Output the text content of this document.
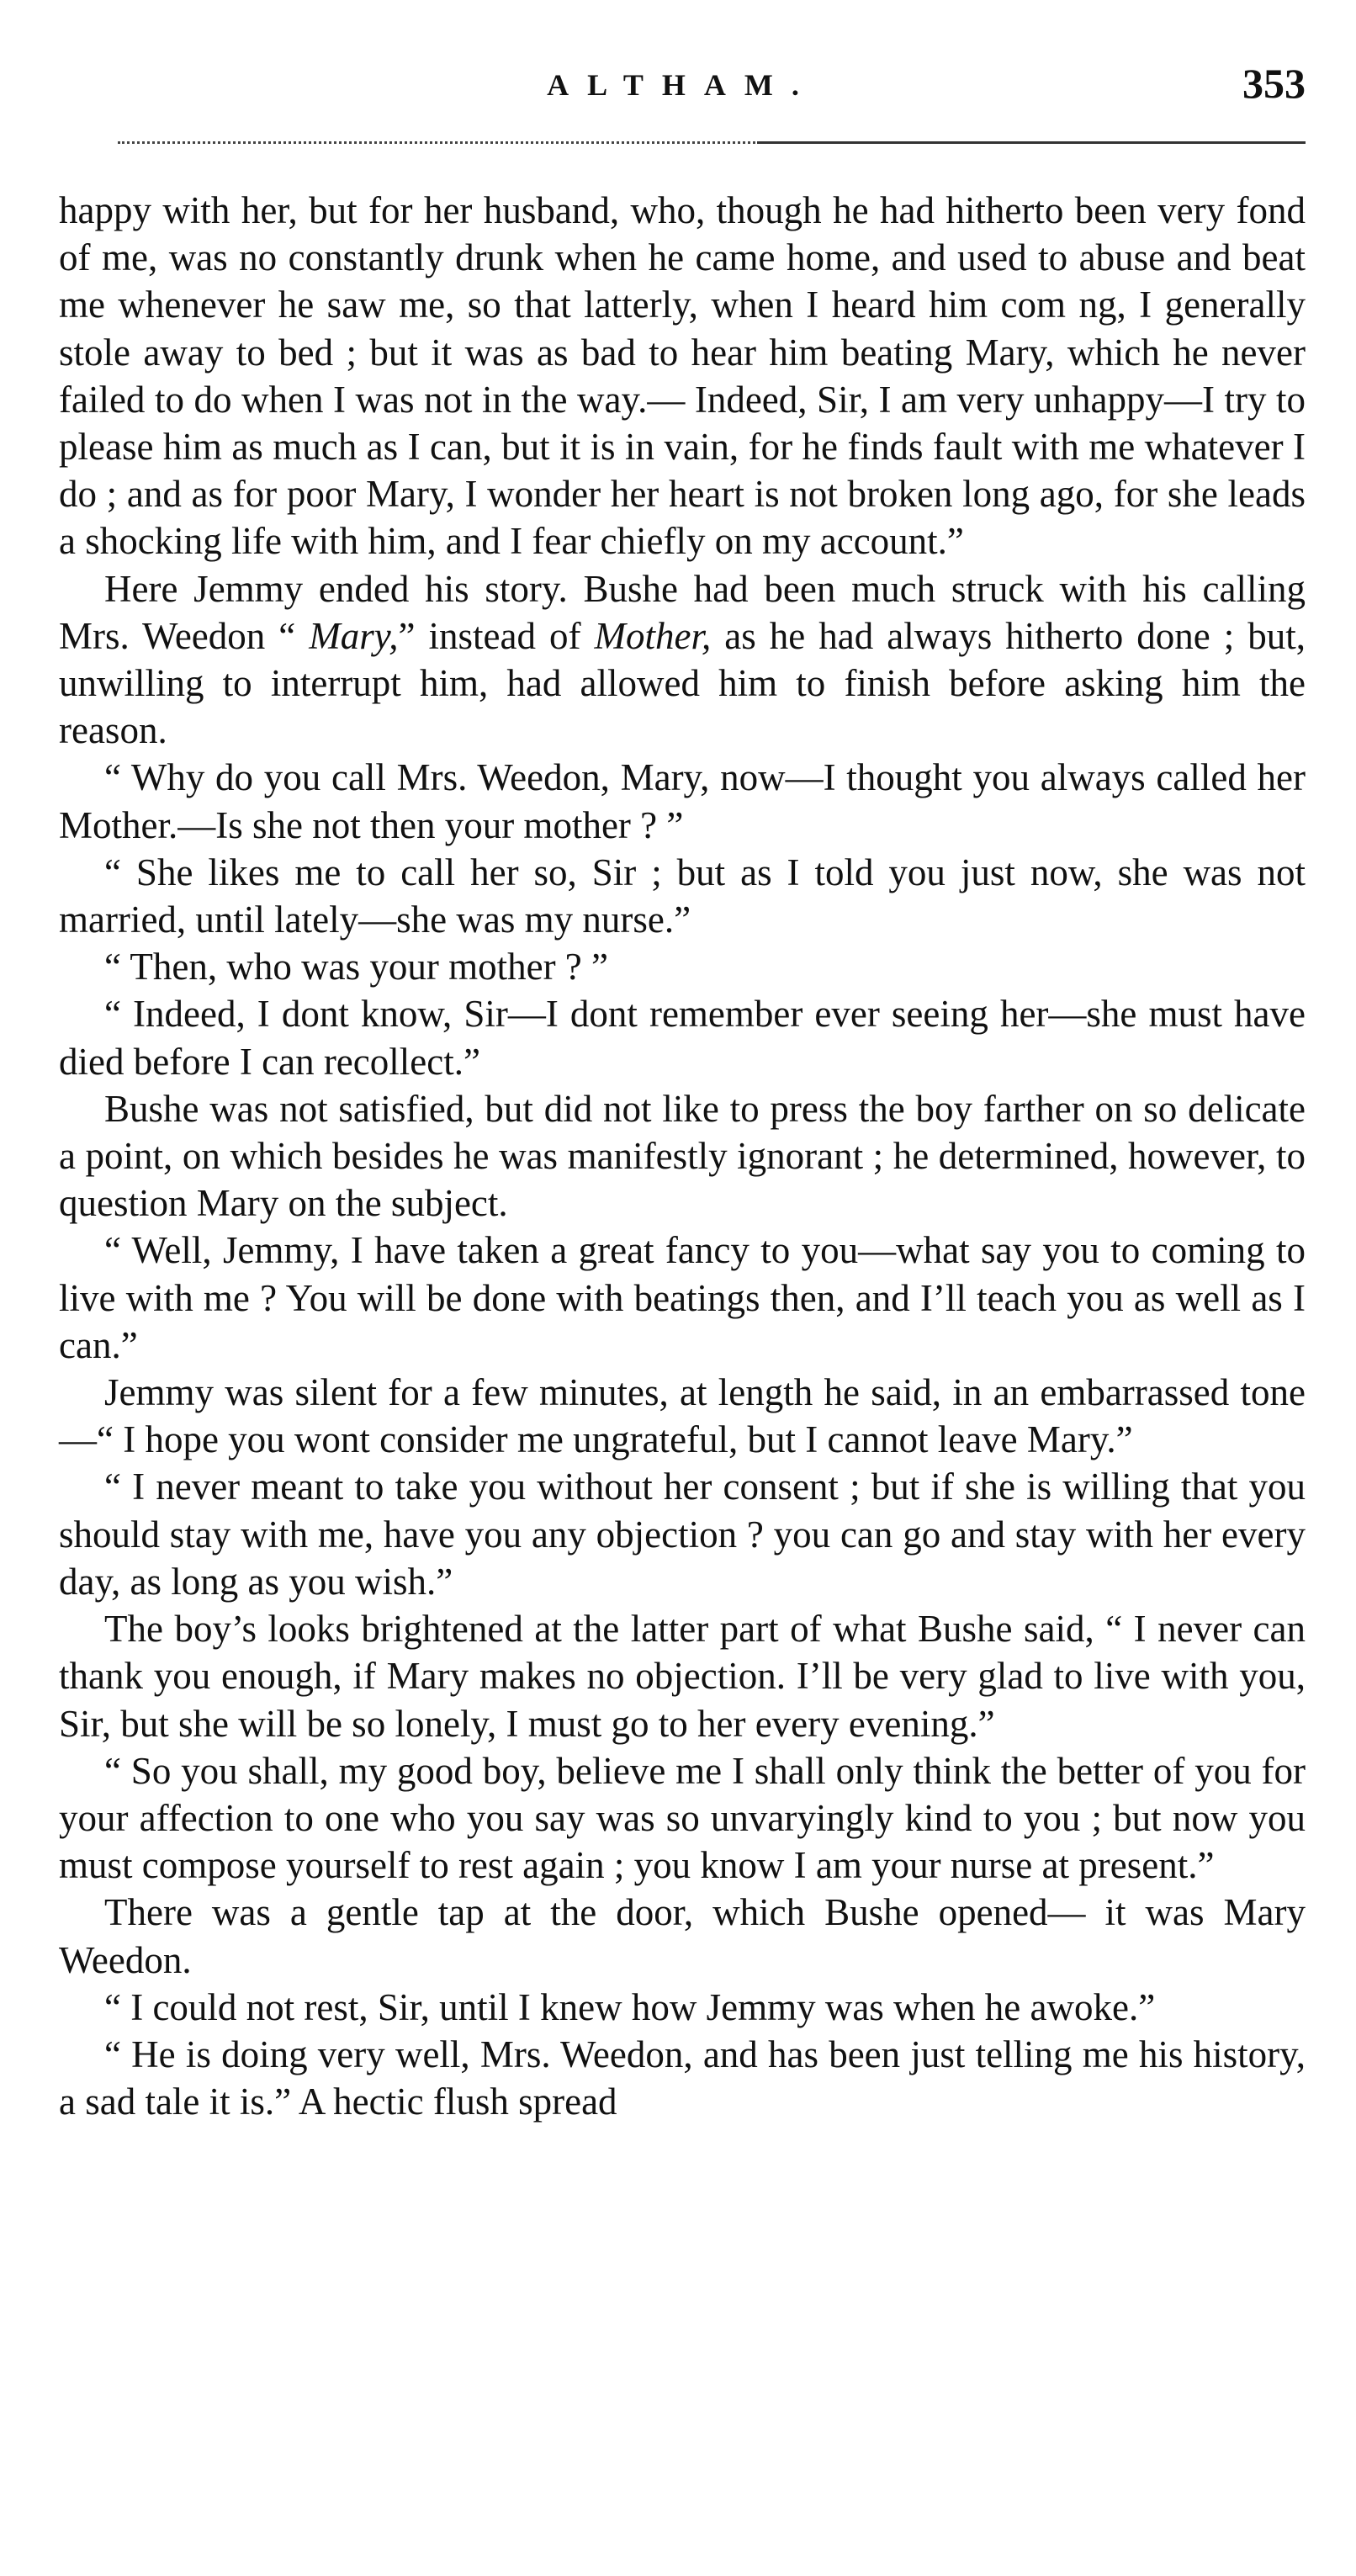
ALTHAM.	353

happy with her, but for her husband, who, though he had hitherto been very fond of me, was no constantly drunk when he came home, and used to abuse and beat me whenever he saw me, so that latterly, when I heard him com ng, I generally stole away to bed ; but it was as bad to hear him beating Mary, which he never failed to do when I was not in the way.— Indeed, Sir, I am very unhappy—I try to please him as much as I can, but it is in vain, for he finds fault with me whatever I do ; and as for poor Mary, I wonder her heart is not broken long ago, for she leads a shocking life with him, and I fear chiefly on my account.”

Here Jemmy ended his story. Bushe had been much struck with his calling Mrs. Weedon “ Mary,” instead of Mother, as he had always hitherto done ; but, unwilling to interrupt him, had allowed him to finish before asking him the reason.

“ Why do you call Mrs. Weedon, Mary, now—I thought you always called her Mother.—Is she not then your mother ? ”

“ She likes me to call her so, Sir ; but as I told you just now, she was not married, until lately—she was my nurse.”

“ Then, who was your mother ? ”

“ Indeed, I dont know, Sir—I dont remember ever seeing her—she must have died before I can recollect.”

Bushe was not satisfied, but did not like to press the boy farther on so delicate a point, on which besides he was manifestly ignorant ; he determined, however, to question Mary on the subject.

“ Well, Jemmy, I have taken a great fancy to you—what say you to coming to live with me ? You will be done with beatings then, and I’ll teach you as well as I can.”

Jemmy was silent for a few minutes, at length he said, in an embarrassed tone—“ I hope you wont consider me ungrateful, but I cannot leave Mary.”

“ I never meant to take you without her consent ; but if she is willing that you should stay with me, have you any objection ? you can go and stay with her every day, as long as you wish.”

The boy’s looks brightened at the latter part of what Bushe said, “ I never can thank you enough, if Mary makes no objection. I’ll be very glad to live with you, Sir, but she will be so lonely, I must go to her every evening.”

“ So you shall, my good boy, believe me I shall only think the better of you for your affection to one who you say was so unvaryingly kind to you ; but now you must compose yourself to rest again ; you know I am your nurse at present.”

There was a gentle tap at the door, which Bushe opened— it was Mary Weedon.

“ I could not rest, Sir, until I knew how Jemmy was when he awoke.”

“ He is doing very well, Mrs. Weedon, and has been just telling me his history, a sad tale it is.” A hectic flush spread
